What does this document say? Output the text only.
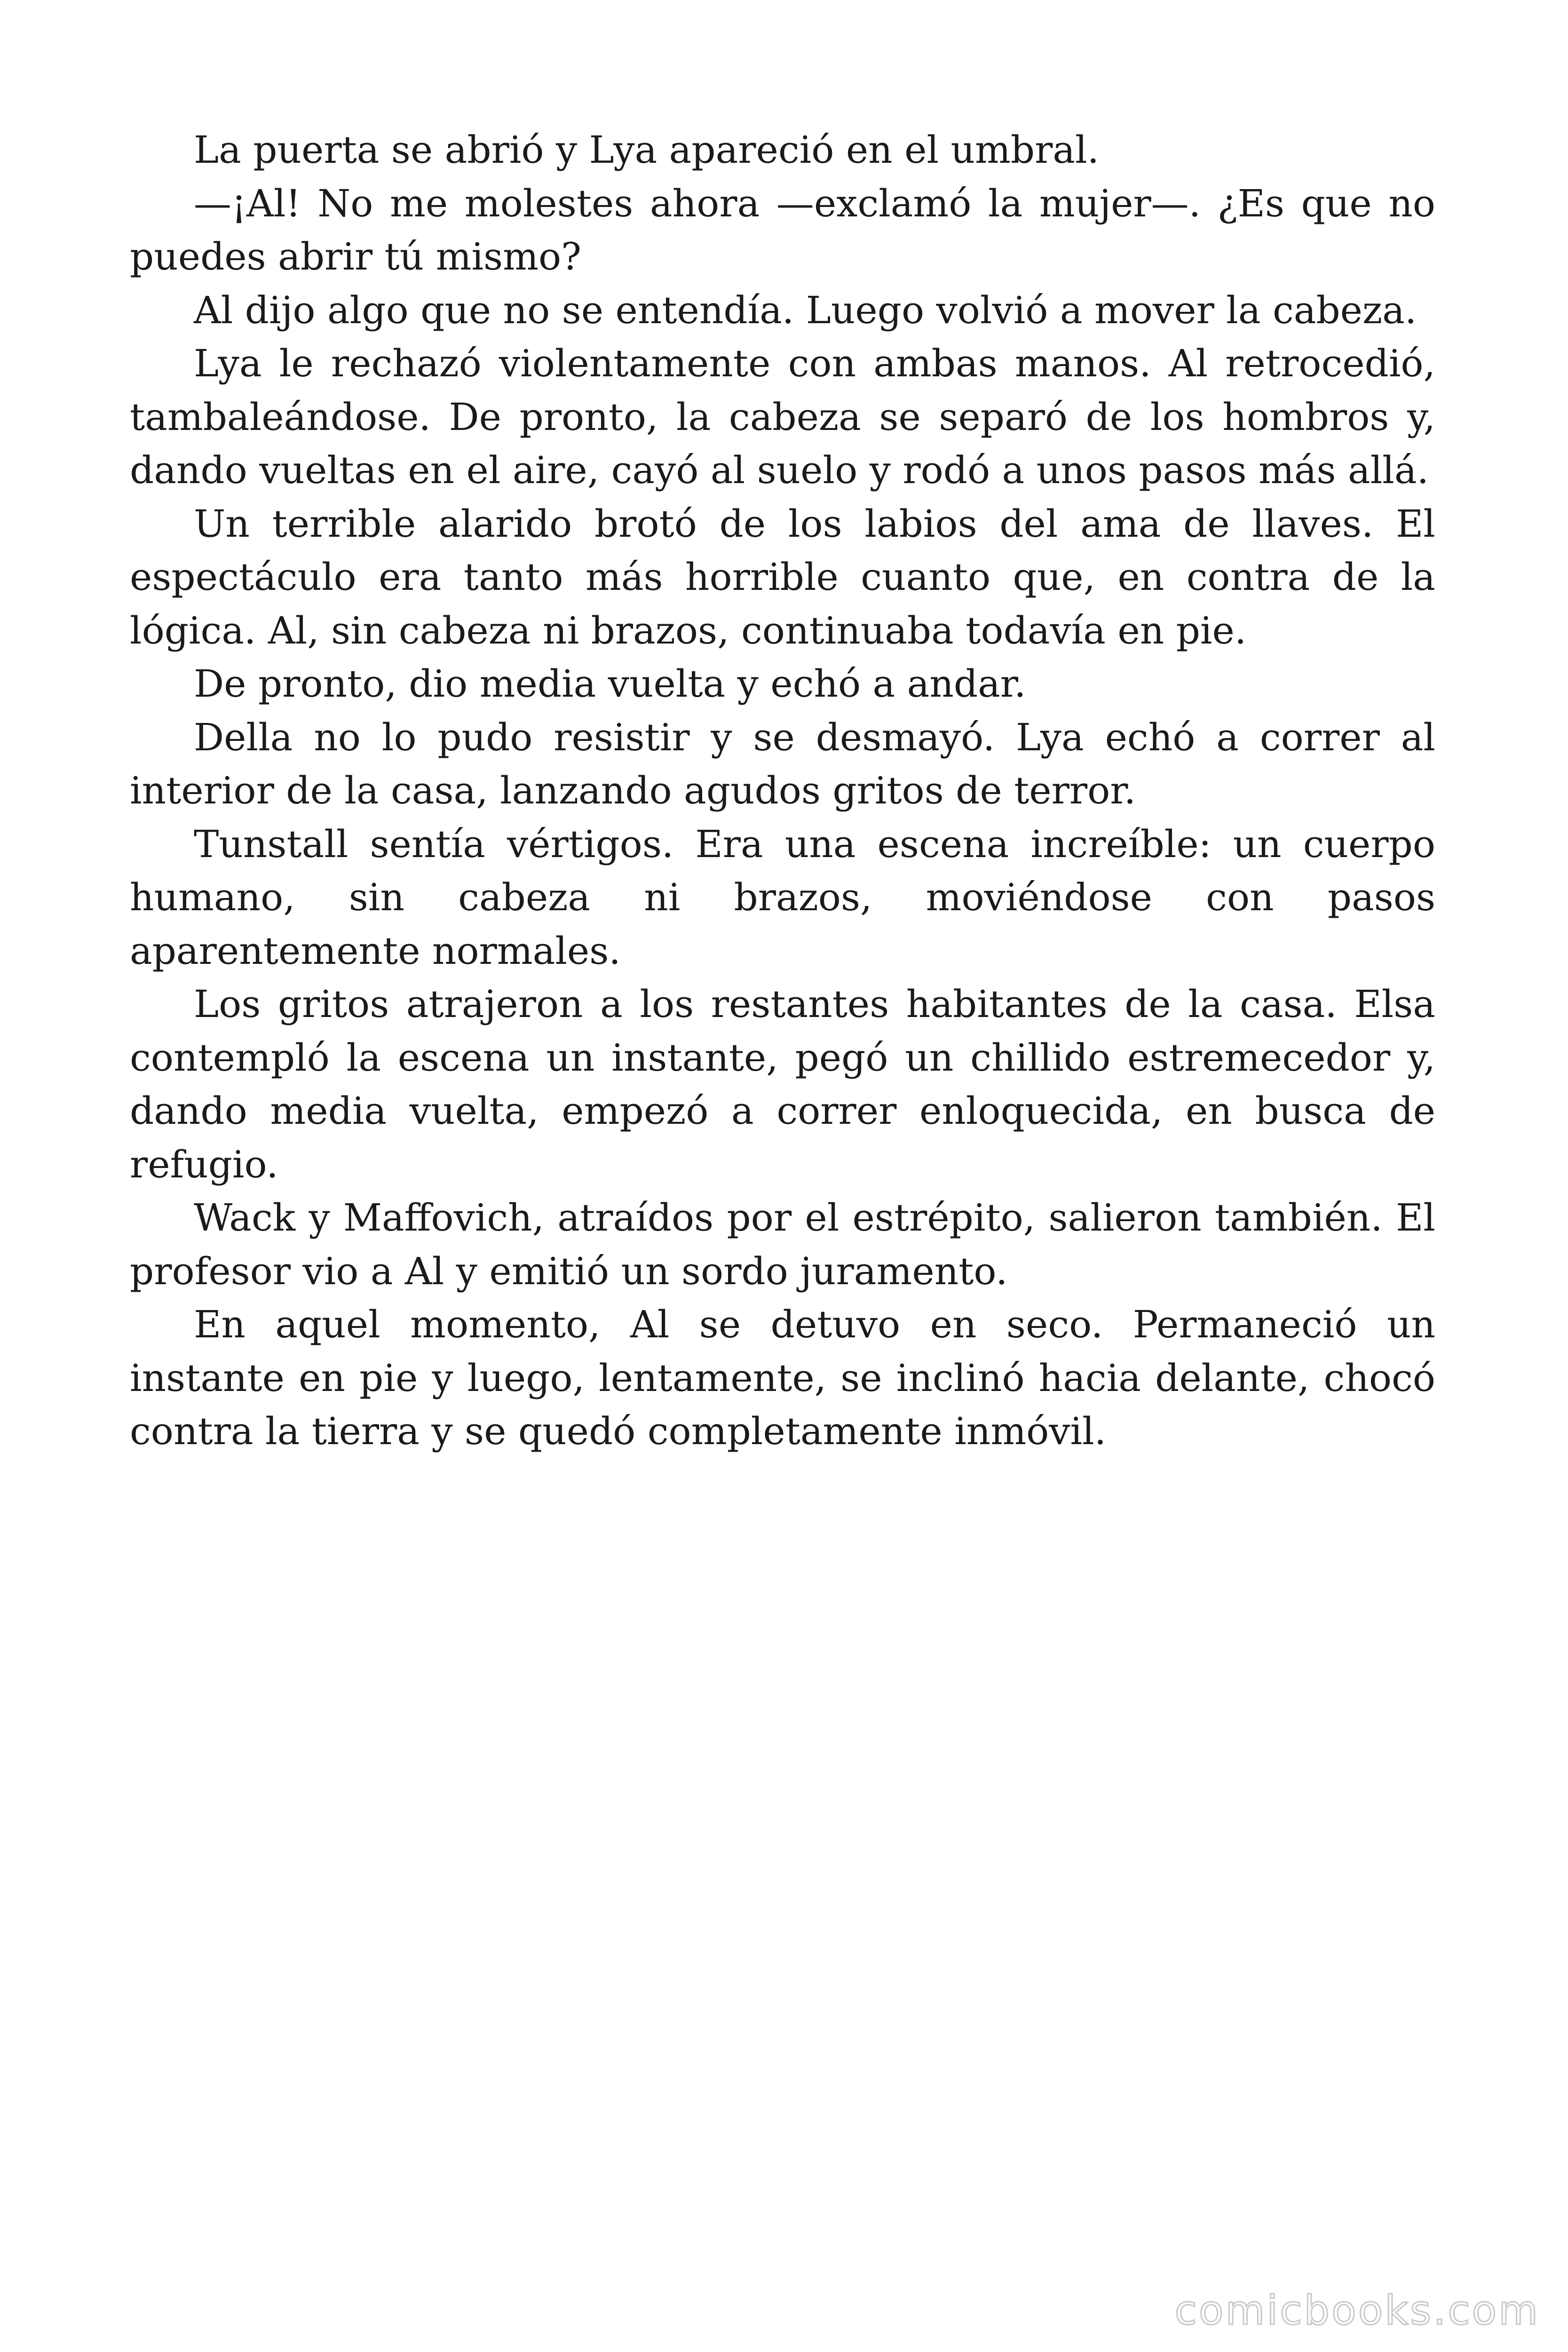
La puerta se abrió y Lya apareció en el umbral.

—¡Al! No me molestes ahora —exclamó la mujer—. ¿Es que no puedes abrir tú mismo?

Al dijo algo que no se entendía. Luego volvió a mover la cabeza.

Lya le rechazó violentamente con ambas manos. Al retrocedió, tambaleándose. De pronto, la cabeza se separó de los hombros y, dando vueltas en el aire, cayó al suelo y rodó a unos pasos más allá.

Un terrible alarido brotó de los labios del ama de llaves. El espectáculo era tanto más horrible cuanto que, en contra de la lógica. Al, sin cabeza ni brazos, continuaba todavía en pie.

De pronto, dio media vuelta y echó a andar.

Della no lo pudo resistir y se desmayó. Lya echó a correr al interior de la casa, lanzando agudos gritos de terror.

Tunstall sentía vértigos. Era una escena increíble: un cuerpo humano, sin cabeza ni brazos, moviéndose con pasos aparentemente normales.

Los gritos atrajeron a los restantes habitantes de la casa. Elsa contempló la escena un instante, pegó un chillido estremecedor y, dando media vuelta, empezó a correr enloquecida, en busca de refugio.

Wack y Maffovich, atraídos por el estrépito, salieron también. El profesor vio a Al y emitió un sordo juramento.

En aquel momento, Al se detuvo en seco. Permaneció un instante en pie y luego, lentamente, se inclinó hacia delante, chocó contra la tierra y se quedó completamente inmóvil.

comicbooks.com
